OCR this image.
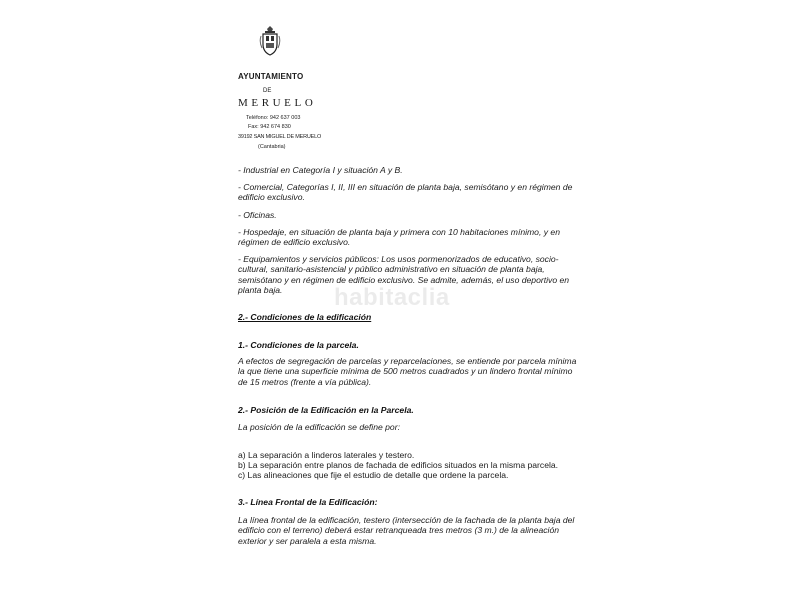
AYUNTAMIENTO
DE
MERUELO
Teléfono: 942 637 003
Fax: 942 674 830
39192 SAN MIGUEL DE MERUELO
(Cantabria)
- Industrial en Categoría I y situación A y B.
- Comercial, Categorías I, II, III en situación de planta baja, semisótano y en régimen de edificio exclusivo.
- Oficinas.
- Hospedaje, en situación de planta baja y primera con 10 habitaciones mínimo, y en régimen de edificio exclusivo.
- Equipamientos y servicios públicos: Los usos pormenorizados de educativo, socio-cultural, sanitario-asistencial y público administrativo en situación de planta baja, semisótano y en régimen de edificio exclusivo. Se admite, además, el uso deportivo en planta baja.	habitaclia
2.- Condiciones de la edificación
1.- Condiciones de la parcela.
A efectos de segregación de parcelas y reparcelaciones, se entiende por parcela mínima la que tiene una superficie mínima de 500 metros cuadrados y un lindero frontal mínimo de 15 metros (frente a vía pública).
2.- Posición de la Edificación en la Parcela.
La posición de la edificación se define por:
a) La separación a linderos laterales y testero.
b) La separación entre planos de fachada de edificios situados en la misma parcela.
c) Las alineaciones que fije el estudio de detalle que ordene la parcela.
3.- Línea Frontal de la Edificación:
La línea frontal de la edificación, testero (intersección de la fachada de la planta baja del edificio con el terreno) deberá estar retranqueada tres metros (3 m.) de la alineación exterior y ser paralela a esta misma.
